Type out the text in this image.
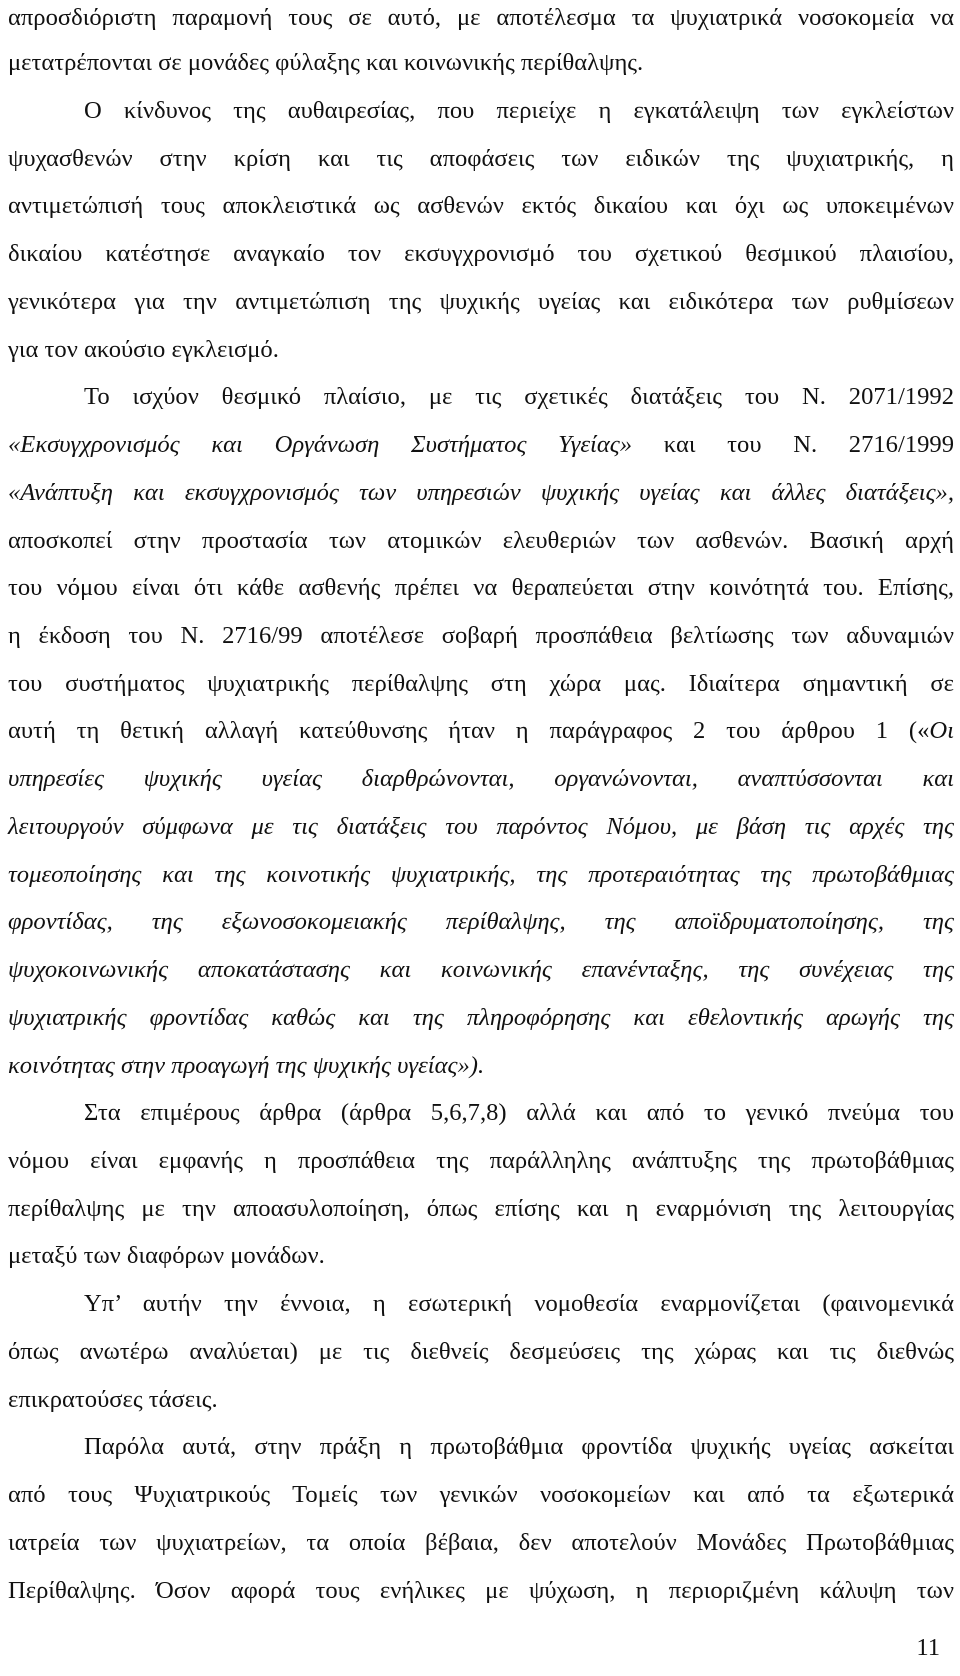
απροσδιόριστη παραμονή τους σε αυτό, με αποτέλεσμα τα ψυχιατρικά νοσοκομεία να
μετατρέπονται σε μονάδες φύλαξης και κοινωνικής περίθαλψης.
Ο κίνδυνος της αυθαιρεσίας, που περιείχε η εγκατάλειψη των εγκλείστων
ψυχασθενών στην κρίση και τις αποφάσεις των ειδικών της ψυχιατρικής, η
αντιμετώπισή τους αποκλειστικά ως ασθενών εκτός δικαίου και όχι ως υποκειμένων
δικαίου κατέστησε αναγκαίο τον εκσυγχρονισμό του σχετικού θεσμικού πλαισίου,
γενικότερα για την αντιμετώπιση της ψυχικής υγείας και ειδικότερα των ρυθμίσεων
για τον ακούσιο εγκλεισμό.
Το ισχύον θεσμικό πλαίσιο, με τις σχετικές διατάξεις του Ν. 2071/1992
«Εκσυγχρονισμός και Οργάνωση Συστήματος Υγείας» και του Ν. 2716/1999
«Ανάπτυξη και εκσυγχρονισμός των υπηρεσιών ψυχικής υγείας και άλλες διατάξεις»,
αποσκοπεί στην προστασία των ατομικών ελευθεριών των ασθενών. Βασική αρχή
του νόμου είναι ότι κάθε ασθενής πρέπει να θεραπεύεται στην κοινότητά του. Επίσης,
η έκδοση του Ν. 2716/99 αποτέλεσε σοβαρή προσπάθεια βελτίωσης των αδυναμιών
του συστήματος ψυχιατρικής περίθαλψης στη χώρα μας. Ιδιαίτερα σημαντική σε
αυτή τη θετική αλλαγή κατεύθυνσης ήταν η παράγραφος 2 του άρθρου 1 («Οι
υπηρεσίες ψυχικής υγείας διαρθρώνονται, οργανώνονται, αναπτύσσονται και
λειτουργούν σύμφωνα με τις διατάξεις του παρόντος Νόμου, με βάση τις αρχές της
τομεοποίησης και της κοινοτικής ψυχιατρικής, της προτεραιότητας της πρωτοβάθμιας
φροντίδας, της εξωνοσοκομειακής περίθαλψης, της αποϊδρυματοποίησης, της
ψυχοκοινωνικής αποκατάστασης και κοινωνικής επανένταξης, της συνέχειας της
ψυχιατρικής φροντίδας καθώς και της πληροφόρησης και εθελοντικής αρωγής της
κοινότητας στην προαγωγή της ψυχικής υγείας»).
Στα επιμέρους άρθρα (άρθρα 5,6,7,8) αλλά και από το γενικό πνεύμα του
νόμου είναι εμφανής η προσπάθεια της παράλληλης ανάπτυξης της πρωτοβάθμιας
περίθαλψης με την αποασυλοποίηση, όπως επίσης και η εναρμόνιση της λειτουργίας
μεταξύ των διαφόρων μονάδων.
Υπ’ αυτήν την έννοια, η εσωτερική νομοθεσία εναρμονίζεται (φαινομενικά
όπως ανωτέρω αναλύεται) με τις διεθνείς δεσμεύσεις της χώρας και τις διεθνώς
επικρατούσες τάσεις.
Παρόλα αυτά, στην πράξη η πρωτοβάθμια φροντίδα ψυχικής υγείας ασκείται
από τους Ψυχιατρικούς Τομείς των γενικών νοσοκομείων και από τα εξωτερικά
ιατρεία των ψυχιατρείων, τα οποία βέβαια, δεν αποτελούν Μονάδες Πρωτοβάθμιας
Περίθαλψης. Όσον αφορά τους ενήλικες με ψύχωση, η περιοριζμένη κάλυψη των
11
